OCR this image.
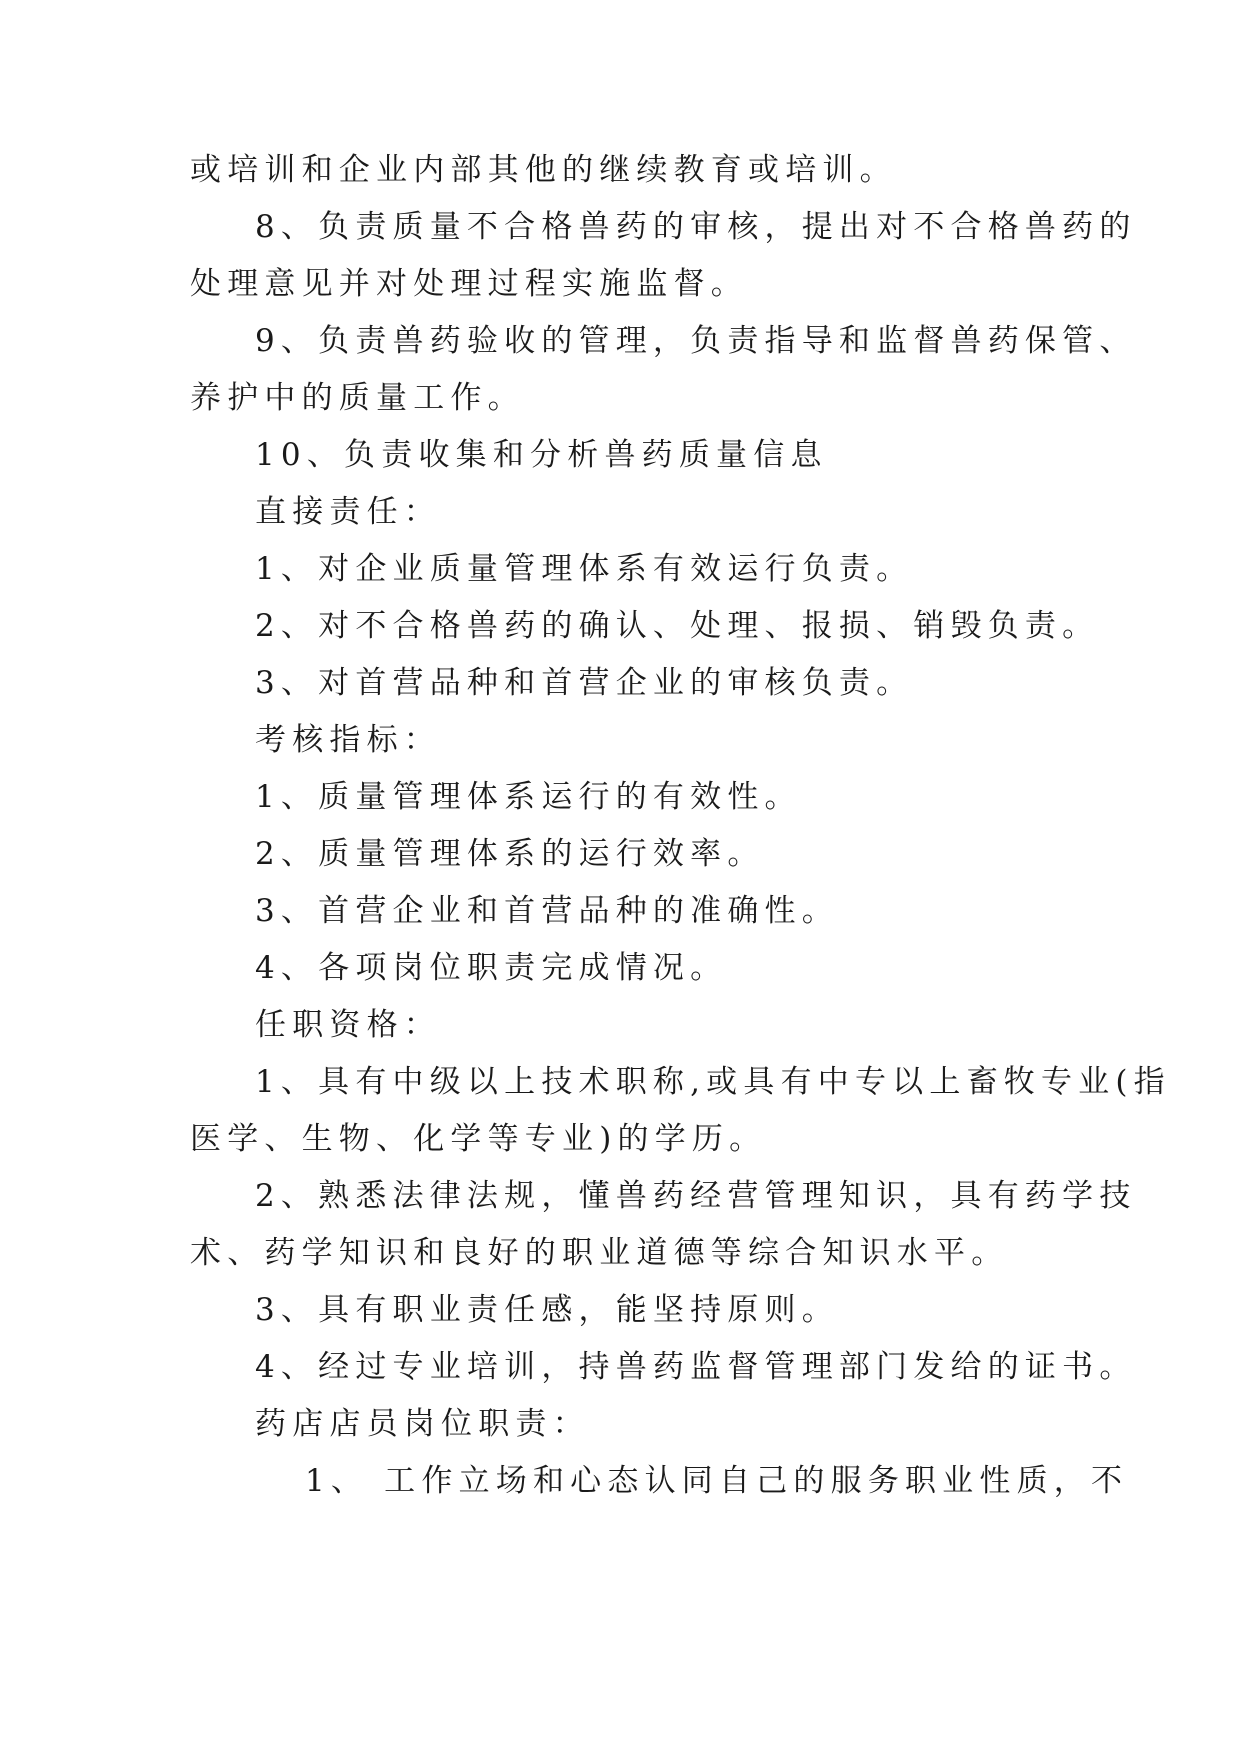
或培训和企业内部其他的继续教育或培训。
8、负责质量不合格兽药的审核，提出对不合格兽药的
处理意见并对处理过程实施监督。
9、负责兽药验收的管理，负责指导和监督兽药保管、
养护中的质量工作。
10、负责收集和分析兽药质量信息
直接责任：
1、对企业质量管理体系有效运行负责。
2、对不合格兽药的确认、处理、报损、销毁负责。
3、对首营品种和首营企业的审核负责。
考核指标：
1、质量管理体系运行的有效性。
2、质量管理体系的运行效率。
3、首营企业和首营品种的准确性。
4、各项岗位职责完成情况。
任职资格：
1、具有中级以上技术职称,或具有中专以上畜牧专业(指
医学、生物、化学等专业)的学历。
2、熟悉法律法规，懂兽药经营管理知识，具有药学技
术、药学知识和良好的职业道德等综合知识水平。
3、具有职业责任感，能坚持原则。
4、经过专业培训，持兽药监督管理部门发给的证书。
药店店员岗位职责：
1、 工作立场和心态认同自己的服务职业性质，不
